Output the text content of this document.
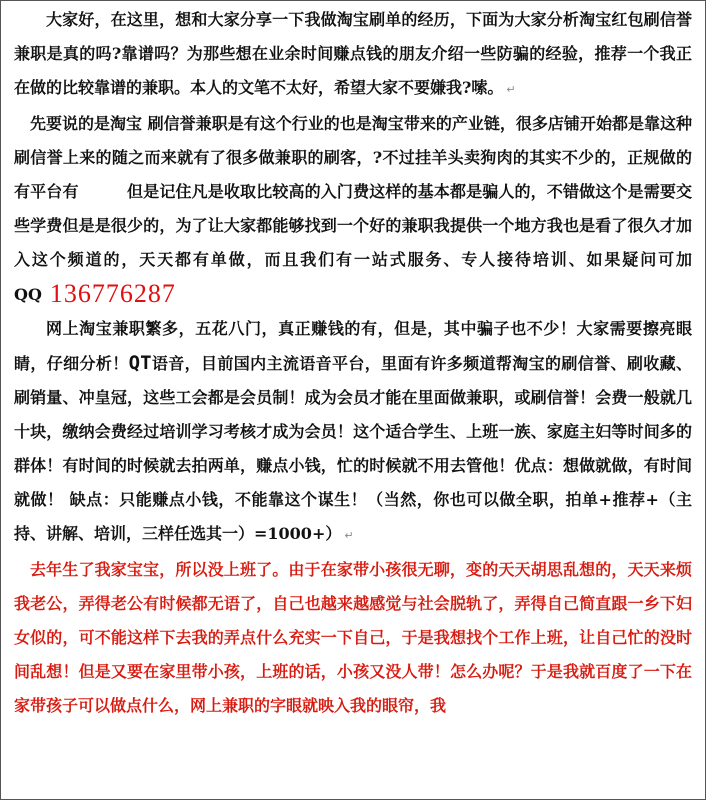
大家好，在这里，想和大家分享一下我做淘宝刷单的经历，下面为大家分析淘宝红包刷信誉兼职是真的吗?靠谱吗？为那些想在业余时间赚点钱的朋友介绍一些防骗的经验，推荐一个我正在做的比较靠谱的兼职。本人的文笔不太好，希望大家不要嫌我?嗦。 ↵

先要说的是淘宝 刷信誉兼职是有这个行业的也是淘宝带来的产业链，很多店铺开始都是靠这种刷信誉上来的随之而来就有了很多做兼职的刷客，?不过挂羊头卖狗肉的其实不少的，正规做的有平台有　　　但是记住凡是收取比较高的入门费这样的基本都是骗人的，不错做这个是需要交些学费但是是很少的，为了让大家都能够找到一个好的兼职我提供一个地方我也是看了很久才加入这个频道的，天天都有单做，而且我们有一站式服务、专人接待培训、如果疑问可加 QQ 136776287

网上淘宝兼职繁多，五花八门，真正赚钱的有，但是，其中骗子也不少！大家需要擦亮眼睛，仔细分析！QT语音，目前国内主流语音平台，里面有许多频道帮淘宝的刷信誉、刷收藏、刷销量、冲皇冠，这些工会都是会员制！成为会员才能在里面做兼职，或刷信誉！会费一般就几十块，缴纳会费经过培训学习考核才成为会员！这个适合学生、上班一族、家庭主妇等时间多的群体！有时间的时候就去拍两单，赚点小钱，忙的时候就不用去管他！优点：想做就做，有时间就做！ 缺点：只能赚点小钱，不能靠这个谋生！（当然，你也可以做全职，拍单+推荐+（主持、讲解、培训，三样任选其一）=1000+） ↵

去年生了我家宝宝，所以没上班了。由于在家带小孩很无聊，变的天天胡思乱想的，天天来烦我老公，弄得老公有时候都无语了，自己也越来越感觉与社会脱轨了，弄得自己简直跟一乡下妇女似的，可不能这样下去我的弄点什么充实一下自己，于是我想找个工作上班，让自己忙的没时间乱想！但是又要在家里带小孩，上班的话，小孩又没人带！怎么办呢？于是我就百度了一下在家带孩子可以做点什么，网上兼职的字眼就映入我的眼帘，我
